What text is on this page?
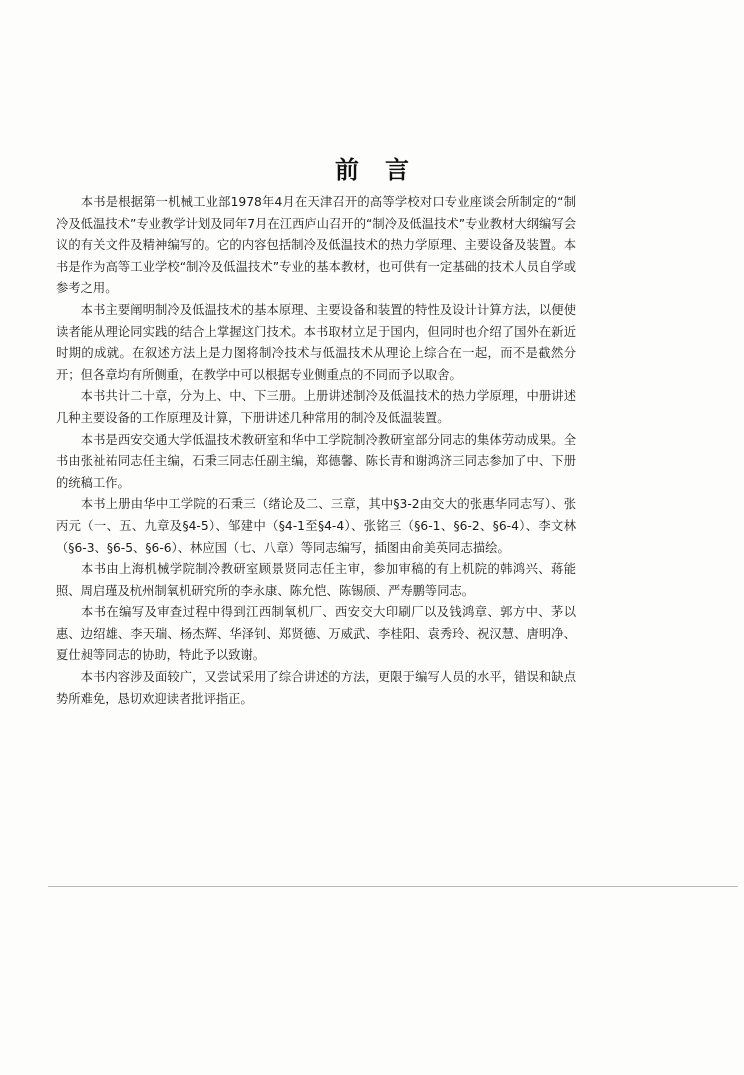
前言

本书是根据第一机械工业部1978年4月在天津召开的高等学校对口专业座谈会所制定的“制冷及低温技术”专业教学计划及同年7月在江西庐山召开的“制冷及低温技术”专业教材大纲编写会议的有关文件及精神编写的。它的内容包括制冷及低温技术的热力学原理、主要设备及装置。本书是作为高等工业学校“制冷及低温技术”专业的基本教材，也可供有一定基础的技术人员自学或参考之用。

本书主要阐明制冷及低温技术的基本原理、主要设备和装置的特性及设计计算方法，以便使读者能从理论同实践的结合上掌握这门技术。本书取材立足于国内，但同时也介绍了国外在新近时期的成就。在叙述方法上是力图将制冷技术与低温技术从理论上综合在一起，而不是截然分开；但各章均有所侧重，在教学中可以根据专业侧重点的不同而予以取舍。

本书共计二十章，分为上、中、下三册。上册讲述制冷及低温技术的热力学原理，中册讲述几种主要设备的工作原理及计算，下册讲述几种常用的制冷及低温装置。

本书是西安交通大学低温技术教研室和华中工学院制冷教研室部分同志的集体劳动成果。全书由张祉祐同志任主编，石秉三同志任副主编，郑德馨、陈长青和谢鸿济三同志参加了中、下册的统稿工作。

本书上册由华中工学院的石秉三（绪论及二、三章，其中§3-2由交大的张惠华同志写）、张丙元（一、五、九章及§4-5）、邹建中（§4-1至§4-4）、张铭三（§6-1、§6-2、§6-4）、李文林（§6-3、§6-5、§6-6）、林应国（七、八章）等同志编写，插图由俞美英同志描绘。

本书由上海机械学院制冷教研室顾景贤同志任主审，参加审稿的有上机院的韩鸿兴、蒋能照、周启瑾及杭州制氧机研究所的李永康、陈允恺、陈锡颀、严寿鹏等同志。

本书在编写及审查过程中得到江西制氧机厂、西安交大印刷厂以及钱鸿章、郭方中、茅以惠、边绍雄、李天瑞、杨杰辉、华泽钊、郑贤德、万威武、李桂阳、袁秀玲、祝汉慧、唐明净、夏仕昶等同志的协助，特此予以致谢。

本书内容涉及面较广，又尝试采用了综合讲述的方法，更限于编写人员的水平，错误和缺点势所难免，恳切欢迎读者批评指正。
